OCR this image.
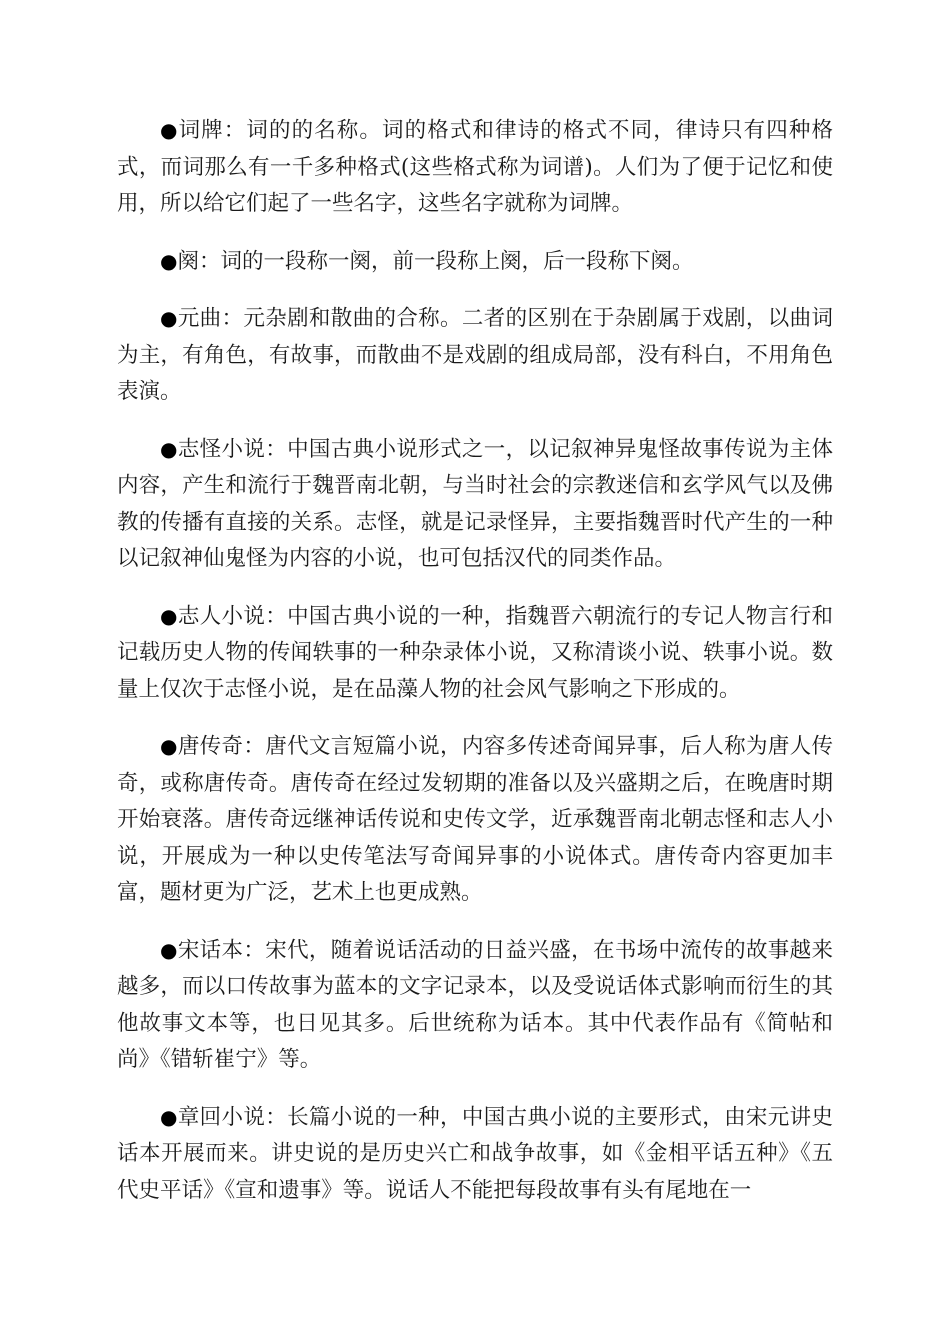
●词牌：词的的名称。词的格式和律诗的格式不同，律诗只有四种格式，而词那么有一千多种格式(这些格式称为词谱)。人们为了便于记忆和使用，所以给它们起了一些名字，这些名字就称为词牌。

●阕：词的一段称一阕，前一段称上阕，后一段称下阕。

●元曲：元杂剧和散曲的合称。二者的区别在于杂剧属于戏剧，以曲词为主，有角色，有故事，而散曲不是戏剧的组成局部，没有科白，不用角色表演。

●志怪小说：中国古典小说形式之一，以记叙神异鬼怪故事传说为主体内容，产生和流行于魏晋南北朝，与当时社会的宗教迷信和玄学风气以及佛教的传播有直接的关系。志怪，就是记录怪异，主要指魏晋时代产生的一种以记叙神仙鬼怪为内容的小说，也可包括汉代的同类作品。

●志人小说：中国古典小说的一种，指魏晋六朝流行的专记人物言行和记载历史人物的传闻轶事的一种杂录体小说，又称清谈小说、轶事小说。数量上仅次于志怪小说，是在品藻人物的社会风气影响之下形成的。

●唐传奇：唐代文言短篇小说，内容多传述奇闻异事，后人称为唐人传奇，或称唐传奇。唐传奇在经过发轫期的准备以及兴盛期之后，在晚唐时期开始衰落。唐传奇远继神话传说和史传文学，近承魏晋南北朝志怪和志人小说，开展成为一种以史传笔法写奇闻异事的小说体式。唐传奇内容更加丰富，题材更为广泛，艺术上也更成熟。

●宋话本：宋代，随着说话活动的日益兴盛，在书场中流传的故事越来越多，而以口传故事为蓝本的文字记录本，以及受说话体式影响而衍生的其他故事文本等，也日见其多。后世统称为话本。其中代表作品有《简帖和尚》《错斩崔宁》等。

●章回小说：长篇小说的一种，中国古典小说的主要形式，由宋元讲史话本开展而来。讲史说的是历史兴亡和战争故事，如《金相平话五种》《五代史平话》《宣和遗事》等。说话人不能把每段故事有头有尾地在一
